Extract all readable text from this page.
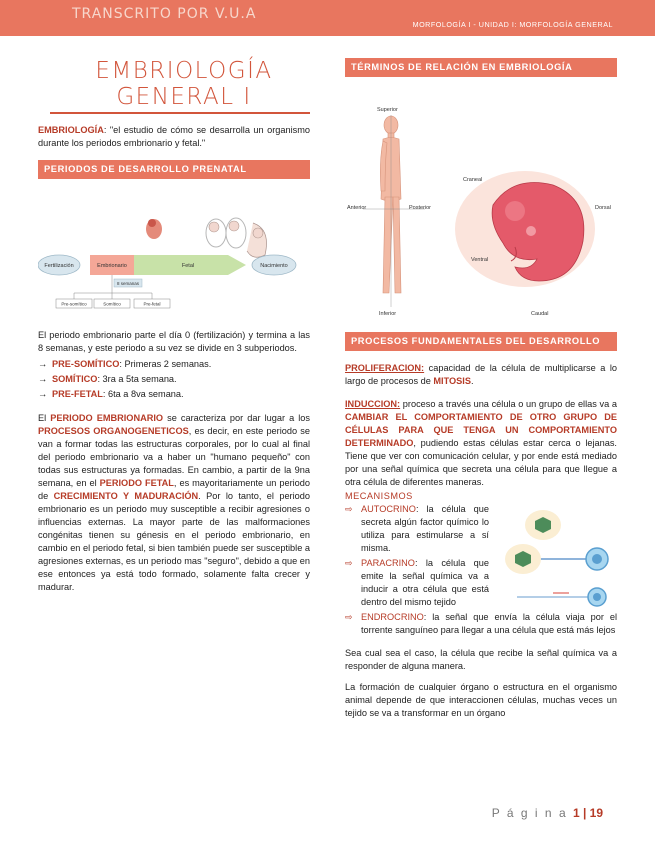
TRANSCRITO POR V.U.A
MORFOLOGÍA I - UNIDAD I: MORFOLOGÍA GENERAL
EMBRIOLOGÍA GENERAL I
EMBRIOLOGÍA: "el estudio de cómo se desarrolla un organismo durante los periodos embrionario y fetal."
PERIODOS DE DESARROLLO PRENATAL
Fertilización	Embrionario	Fetal	Nacimiento
8 semanas
Pre-somítico	Somítico	Pre-fetal

El periodo embrionario parte el día 0 (fertilización) y termina a las 8 semanas, y este periodo a su vez se divide en 3 subperiodos.

→ PRE-SOMÍTICO: Primeras 2 semanas.
→ SOMÍTICO: 3ra a 5ta semana.
→ PRE-FETAL: 6ta a 8va semana.

El PERIODO EMBRIONARIO se caracteriza por dar lugar a los PROCESOS ORGANOGENETICOS, es decir, en este periodo se van a formar todas las estructuras corporales, por lo cual al final del periodo embrionario va a haber un "humano pequeño" con todas sus estructuras ya formadas. En cambio, a partir de la 9na semana, en el PERIODO FETAL, es mayoritariamente un periodo de CRECIMIENTO Y MADURACIÓN. Por lo tanto, el periodo embrionario es un periodo muy susceptible a recibir agresiones o influencias externas. La mayor parte de las malformaciones congénitas tienen su génesis en el periodo embrionario, en cambio en el periodo fetal, si bien también puede ser susceptible a agresiones externas, es un periodo mas "seguro", debido a que en ese entonces ya está todo formado, solamente falta crecer y madurar.

TÉRMINOS DE RELACIÓN EN EMBRIOLOGÍA
Superior
Anterior	Posterior
Inferior
Craneal
Dorsal
Ventral
Caudal
PROCESOS FUNDAMENTALES DEL DESARROLLO

PROLIFERACION: capacidad de la célula de multiplicarse a lo largo de procesos de MITOSIS.

INDUCCION: proceso a través una célula o un grupo de ellas va a CAMBIAR EL COMPORTAMIENTO DE OTRO GRUPO DE CÉLULAS PARA QUE TENGA UN COMPORTAMIENTO DETERMINADO, pudiendo estas células estar cerca o lejanas. Tiene que ver con comunicación celular, y por ende está mediado por una señal química que secreta una célula para que llegue a otra célula de diferentes maneras.

MECANISMOS
⇨ AUTOCRINO: la célula que secreta algún factor químico lo utiliza para estimularse a sí misma.
⇨ PARACRINO: la célula que emite la señal química va a inducir a otra célula que está dentro del mismo tejido
⇨ ENDROCRINO: la señal que envía la célula viaja por el torrente sanguíneo para llegar a una célula que está más lejos

Sea cual sea el caso, la célula que recibe la señal química va a responder de alguna manera.

La formación de cualquier órgano o estructura en el organismo animal depende de que interaccionen células, muchas veces un tejido se va a transformar en un órgano

P á g i n a 1 | 19
